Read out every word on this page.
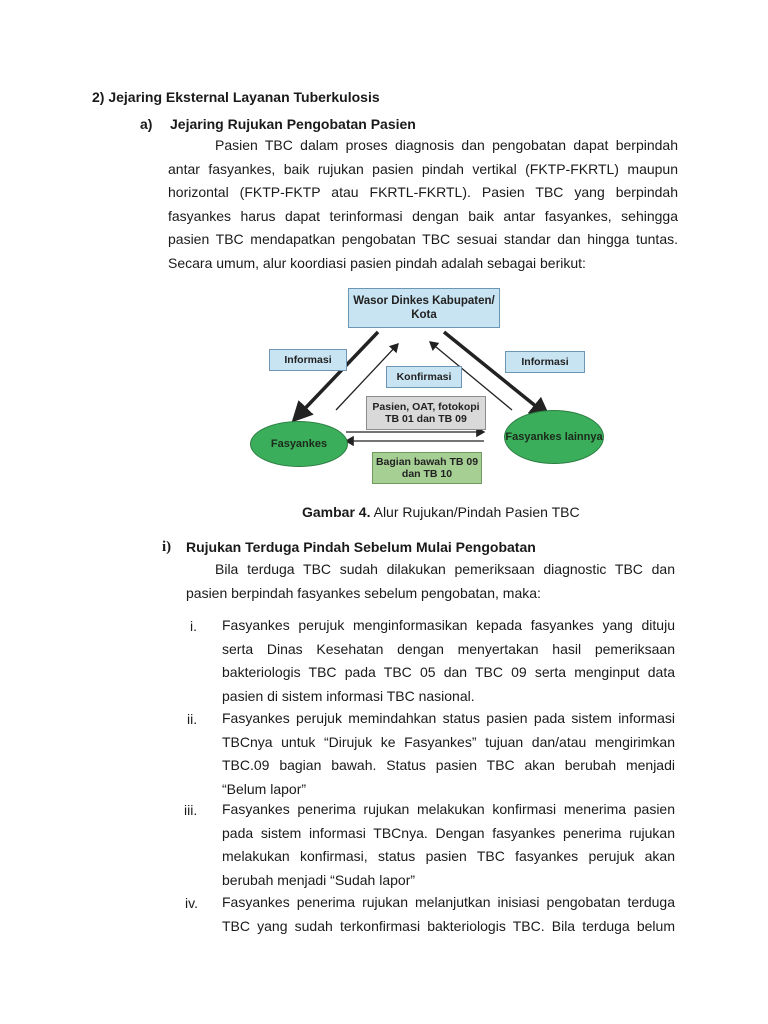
2) Jejaring Eksternal Layanan Tuberkulosis
a) Jejaring Rujukan Pengobatan Pasien
Pasien TBC dalam proses diagnosis dan pengobatan dapat berpindah antar fasyankes, baik rujukan pasien pindah vertikal (FKTP-FKRTL) maupun horizontal (FKTP-FKTP atau FKRTL-FKRTL). Pasien TBC yang berpindah fasyankes harus dapat terinformasi dengan baik antar fasyankes, sehingga pasien TBC mendapatkan pengobatan TBC sesuai standar dan hingga tuntas. Secara umum, alur koordiasi pasien pindah adalah sebagai berikut:
Wasor Dinkes Kabupaten/ Kota
Informasi	Informasi
Konfirmasi
Pasien, OAT, fotokopi TB 01 dan TB 09
Bagian bawah TB 09 dan TB 10
Fasyankes
Fasyankes lainnya
Gambar 4. Alur Rujukan/Pindah Pasien TBC
i) Rujukan Terduga Pindah Sebelum Mulai Pengobatan
Bila terduga TBC sudah dilakukan pemeriksaan diagnostic TBC dan pasien berpindah fasyankes sebelum pengobatan, maka:
i. Fasyankes perujuk menginformasikan kepada fasyankes yang dituju serta Dinas Kesehatan dengan menyertakan hasil pemeriksaan bakteriologis TBC pada TBC 05 dan TBC 09 serta menginput data pasien di sistem informasi TBC nasional.
ii. Fasyankes perujuk memindahkan status pasien pada sistem informasi TBCnya untuk “Dirujuk ke Fasyankes” tujuan dan/atau mengirimkan TBC.09 bagian bawah. Status pasien TBC akan berubah menjadi “Belum lapor”
iii. Fasyankes penerima rujukan melakukan konfirmasi menerima pasien pada sistem informasi TBCnya. Dengan fasyankes penerima rujukan melakukan konfirmasi, status pasien TBC fasyankes perujuk akan berubah menjadi “Sudah lapor”
iv. Fasyankes penerima rujukan melanjutkan inisiasi pengobatan terduga TBC yang sudah terkonfirmasi bakteriologis TBC. Bila terduga belum
